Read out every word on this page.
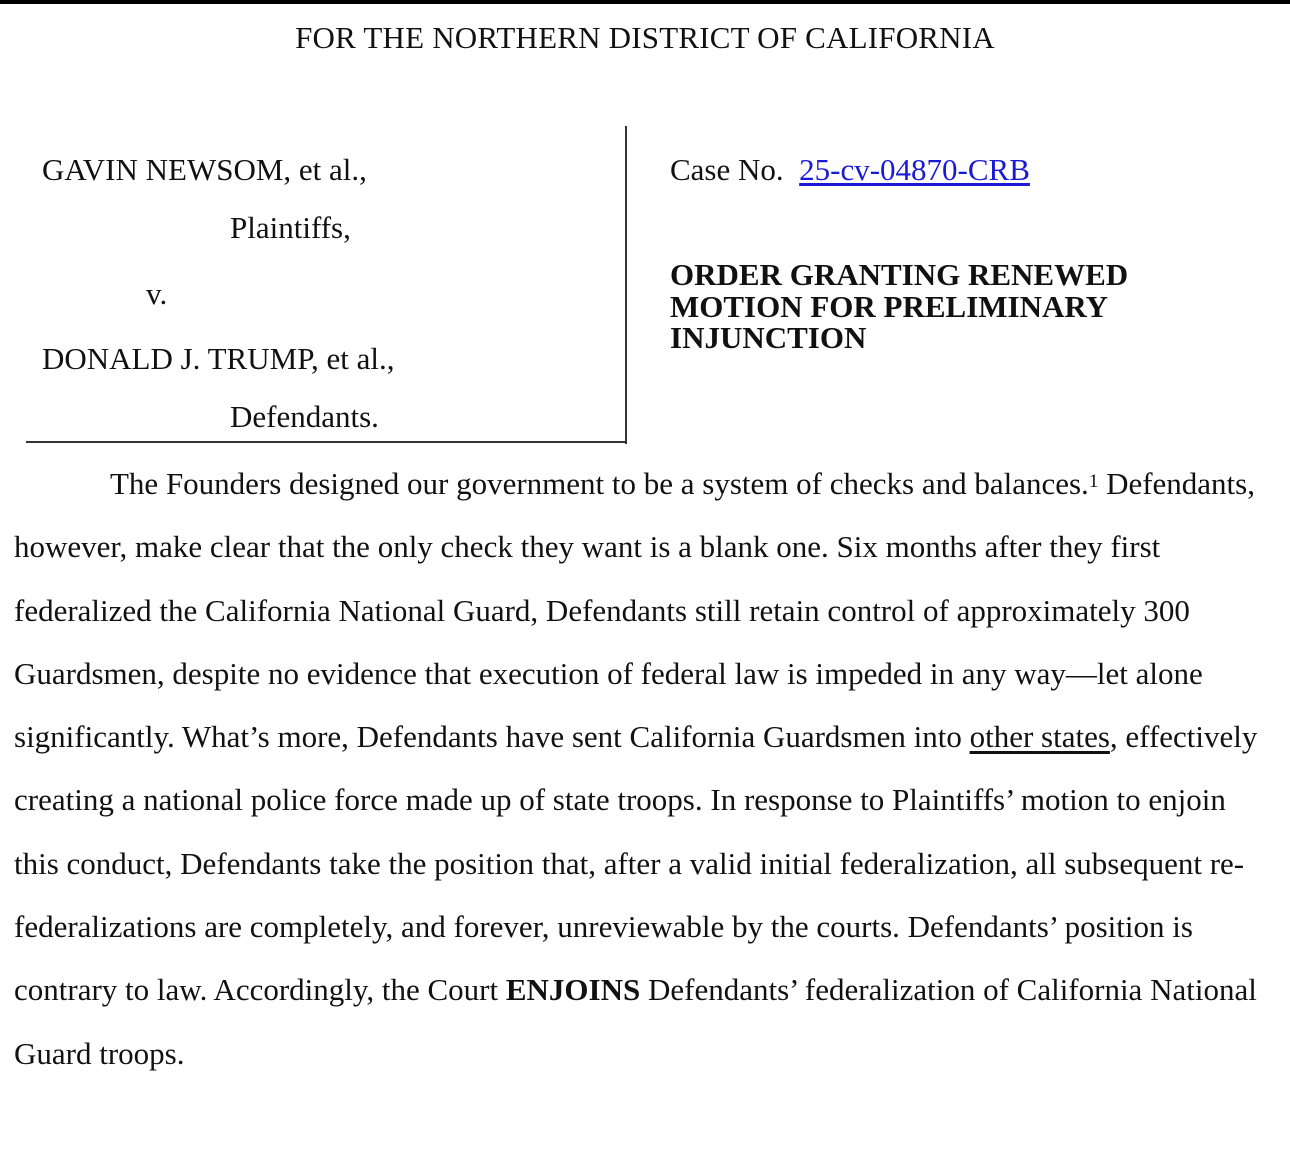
FOR THE NORTHERN DISTRICT OF CALIFORNIA
GAVIN NEWSOM, et al.,
Plaintiffs,
v.
DONALD J. TRUMP, et al.,
Defendants.
Case No. 25-cv-04870-CRB
ORDER GRANTING RENEWED MOTION FOR PRELIMINARY INJUNCTION

The Founders designed our government to be a system of checks and balances.$^1$ Defendants, however, make clear that the only check they want is a blank one. Six months after they first federalized the California National Guard, Defendants still retain control of approximately 300 Guardsmen, despite no evidence that execution of federal law is impeded in any way—let alone significantly. What’s more, Defendants have sent California Guardsmen into other states, effectively creating a national police force made up of state troops. In response to Plaintiffs’ motion to enjoin this conduct, Defendants take the position that, after a valid initial federalization, all subsequent re-federalizations are completely, and forever, unreviewable by the courts. Defendants’ position is contrary to law. Accordingly, the Court ENJOINS Defendants’ federalization of California National Guard troops.
